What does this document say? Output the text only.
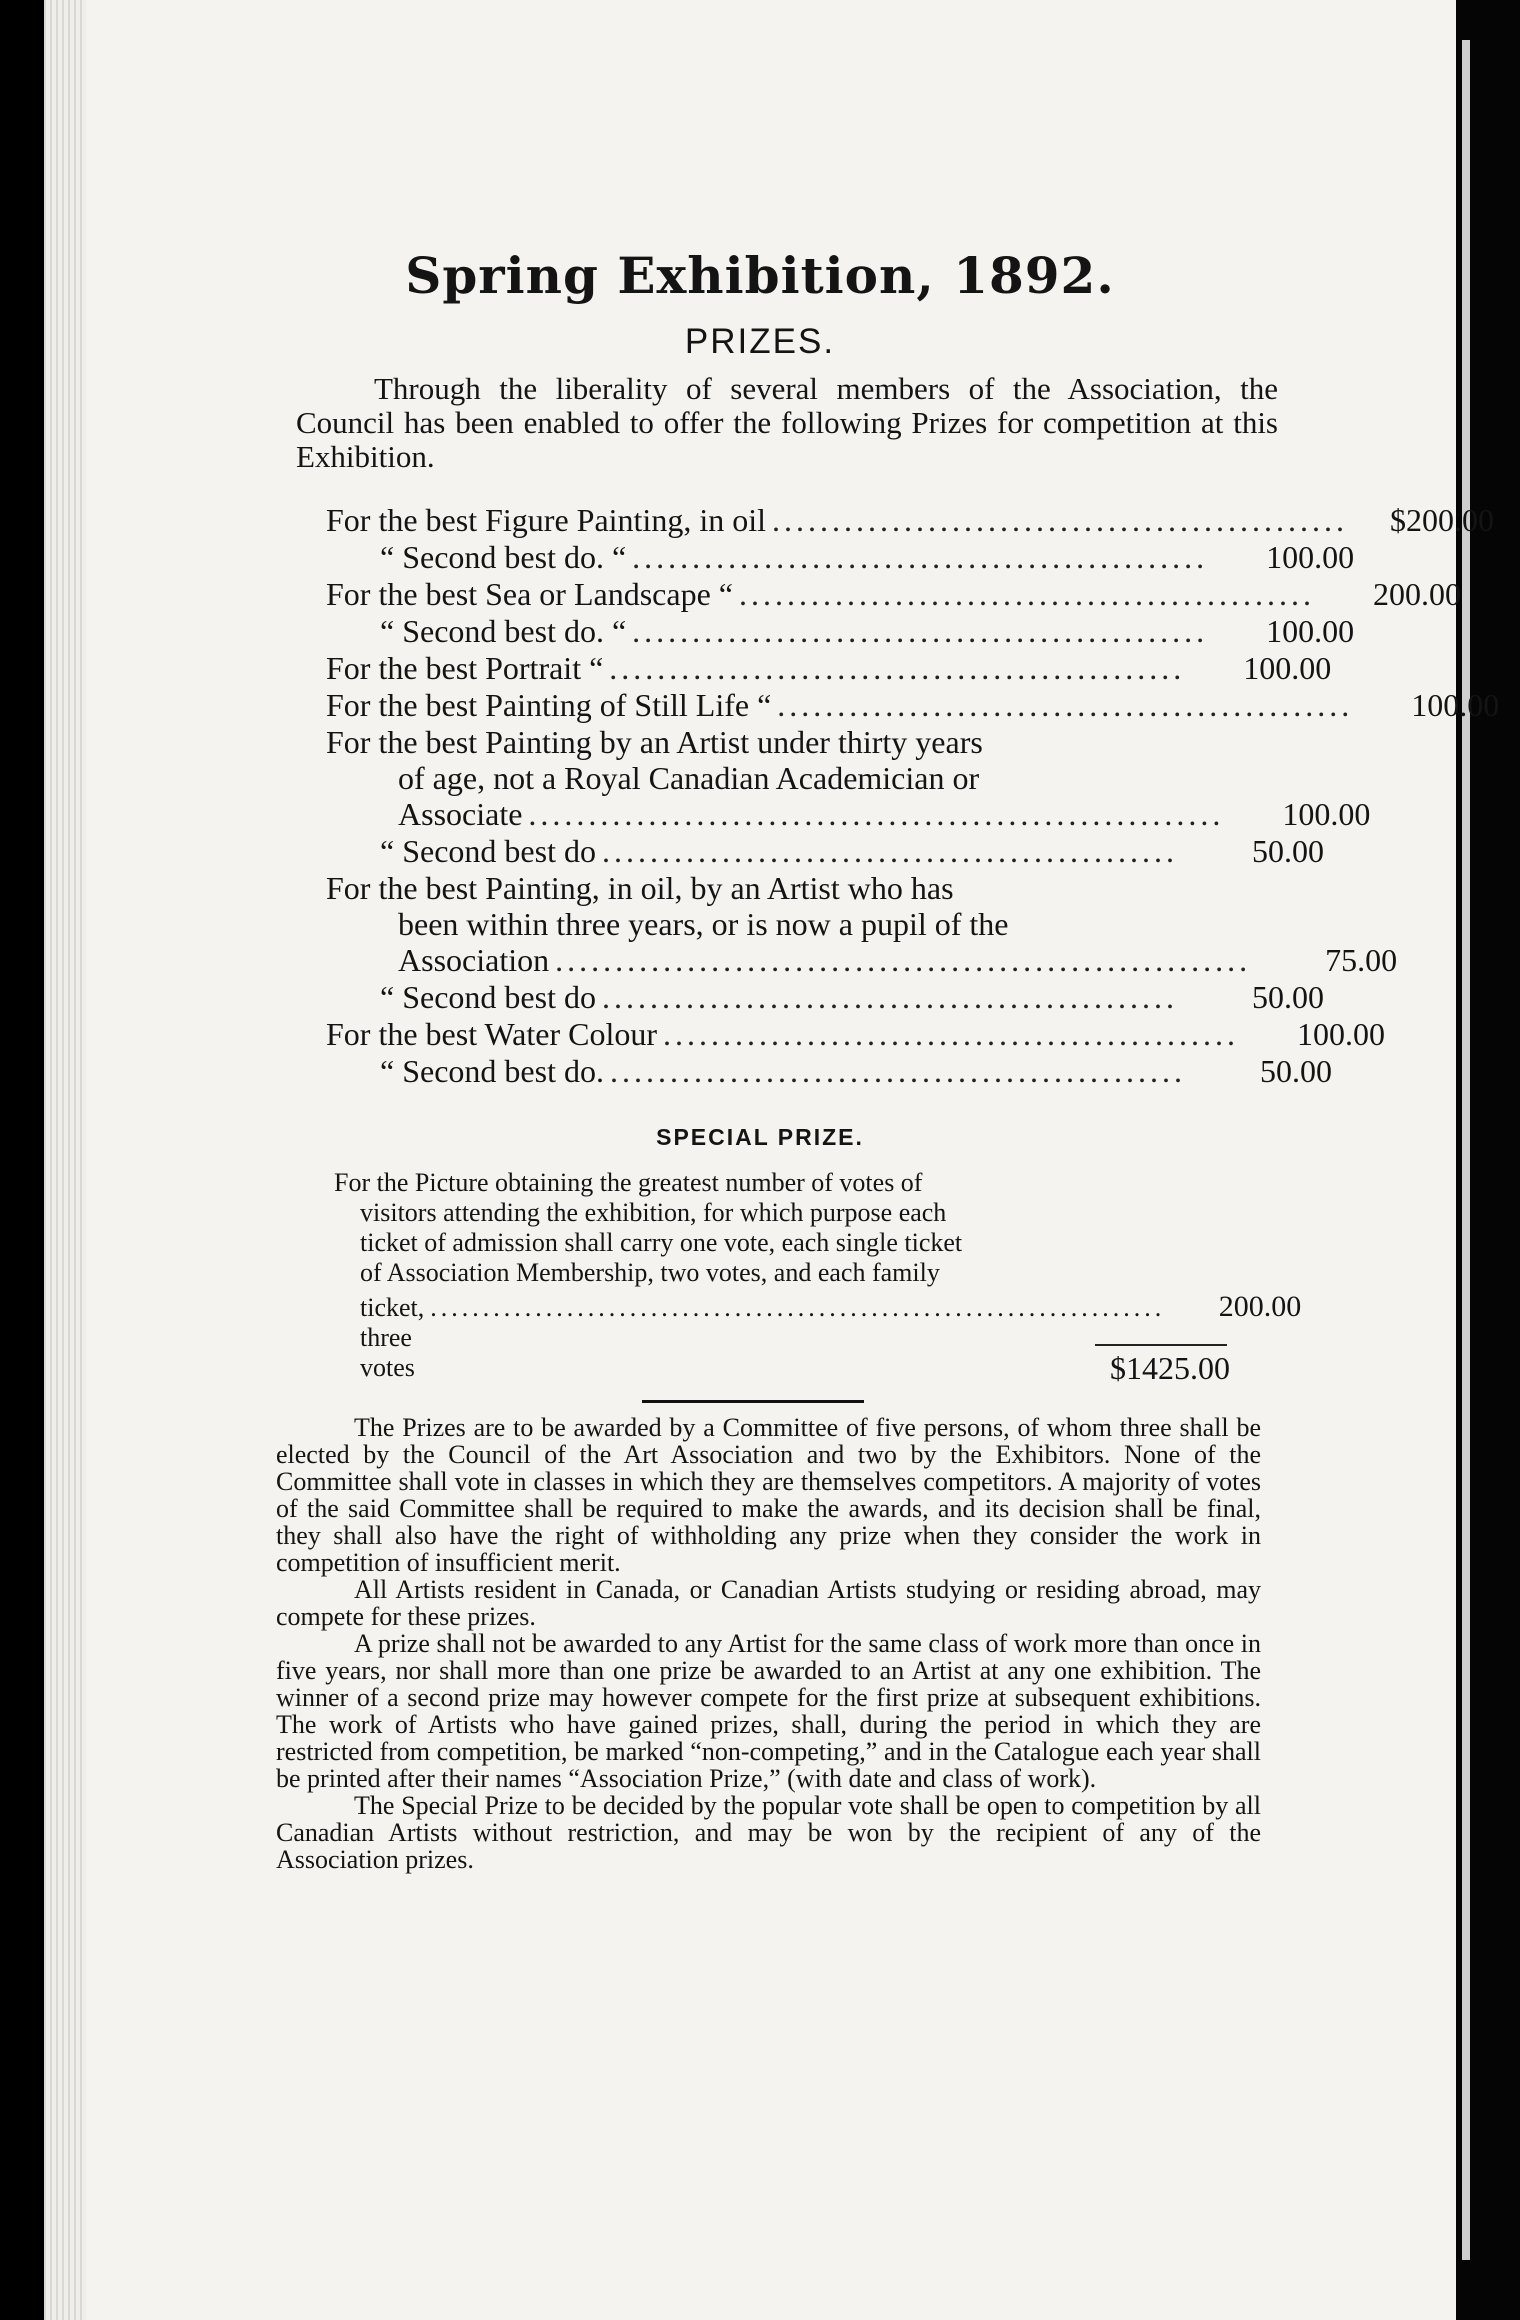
Spring Exhibition, 1892.
PRIZES.
Through the liberality of several members of the Association, the Council has been enabled to offer the following Prizes for competition at this Exhibition.
For the best Figure Painting, in oil ................................................	$200.00
“ Second best do. “ ................................................	100.00
For the best Sea or Landscape “ ................................................	200.00
“ Second best do. “ ................................................	100.00
For the best Portrait “ ................................................	100.00
For the best Painting of Still Life “ ................................................	100.00
For the best Painting by an Artist under thirty years
of age, not a Royal Canadian Academician or
Associate ..........................................................	100.00
“ Second best do ................................................	50.00
For the best Painting, in oil, by an Artist who has
been within three years, or is now a pupil of the
Association ..........................................................	75.00
“ Second best do ................................................	50.00
For the best Water Colour ................................................	100.00
“ Second best do. ................................................	50.00
SPECIAL PRIZE.
For the Picture obtaining the greatest number of votes of
visitors attending the exhibition, for which purpose each
ticket of admission shall carry one vote, each single ticket
of Association Membership, two votes, and each family
ticket, three votes
......................................................................	200.00
$1425.00

The Prizes are to be awarded by a Committee of five persons, of whom three shall be elected by the Council of the Art Association and two by the Exhibitors. None of the Committee shall vote in classes in which they are themselves competitors. A majority of votes of the said Committee shall be required to make the awards, and its decision shall be final, they shall also have the right of withholding any prize when they consider the work in competition of insufficient merit.

All Artists resident in Canada, or Canadian Artists studying or residing abroad, may compete for these prizes.

A prize shall not be awarded to any Artist for the same class of work more than once in five years, nor shall more than one prize be awarded to an Artist at any one exhibition. The winner of a second prize may however compete for the first prize at subsequent exhibitions. The work of Artists who have gained prizes, shall, during the period in which they are restricted from competition, be marked “non-competing,” and in the Catalogue each year shall be printed after their names “Association Prize,” (with date and class of work).

The Special Prize to be decided by the popular vote shall be open to competition by all Canadian Artists without restriction, and may be won by the recipient of any of the Association prizes.
